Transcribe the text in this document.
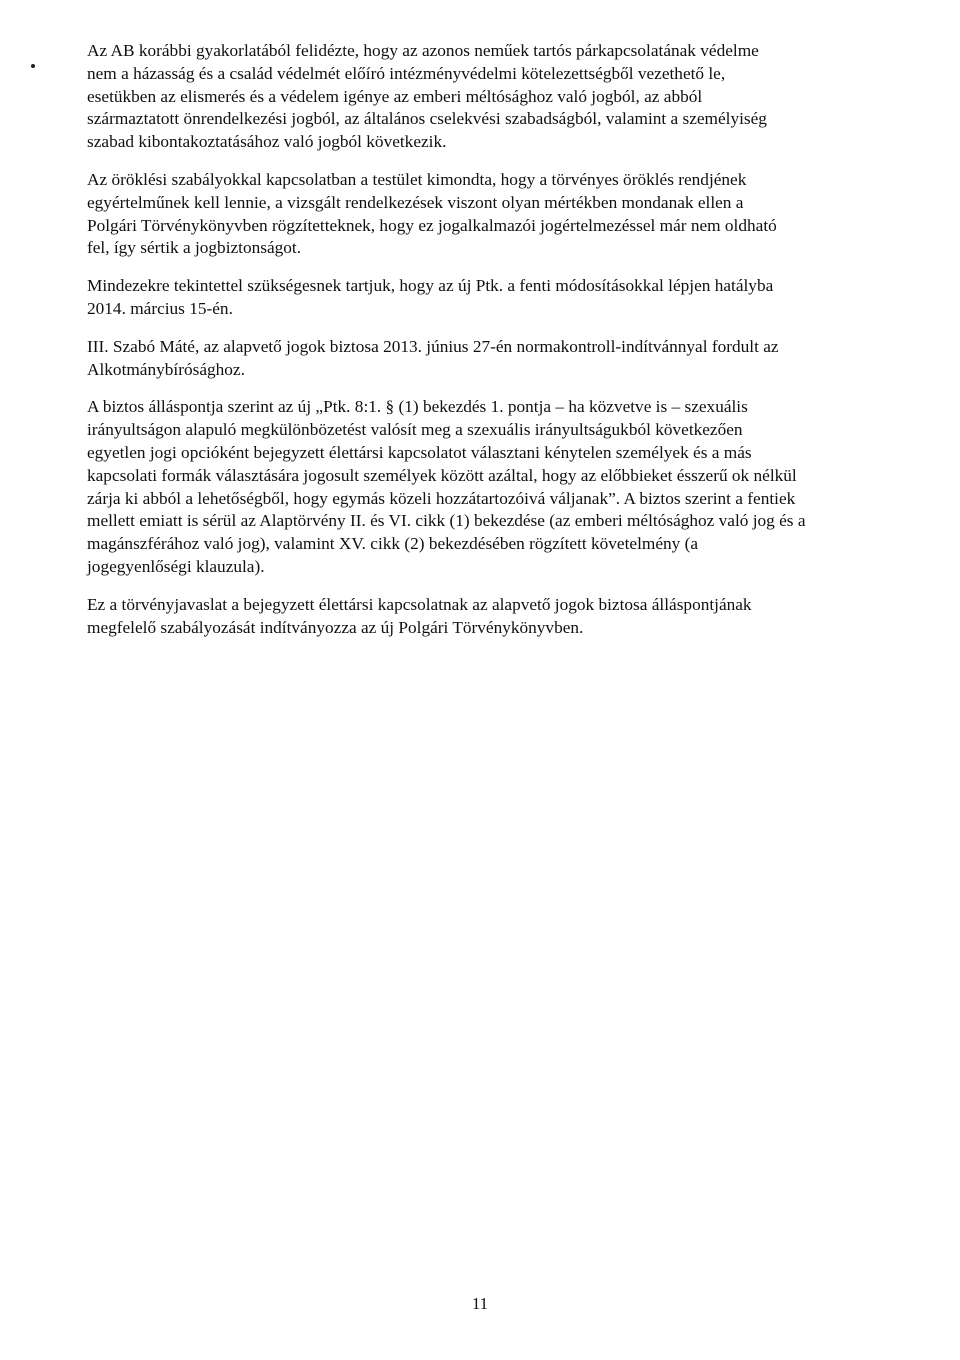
Az AB korábbi gyakorlatából felidézte, hogy az azonos neműek tartós párkapcsolatának védelme
nem a házasság és a család védelmét előíró intézményvédelmi kötelezettségből vezethető le,
esetükben az elismerés és a védelem igénye az emberi méltósághoz való jogból, az abból
származtatott önrendelkezési jogból, az általános cselekvési szabadságból, valamint a személyiség
szabad kibontakoztatásához való jogból következik.

Az öröklési szabályokkal kapcsolatban a testület kimondta, hogy a törvényes öröklés rendjének
egyértelműnek kell lennie, a vizsgált rendelkezések viszont olyan mértékben mondanak ellen a
Polgári Törvénykönyvben rögzítetteknek, hogy ez jogalkalmazói jogértelmezéssel már nem oldható
fel, így sértik a jogbiztonságot.

Mindezekre tekintettel szükségesnek tartjuk, hogy az új Ptk. a fenti módosításokkal lépjen hatályba
2014. március 15-én.

III. Szabó Máté, az alapvető jogok biztosa 2013. június 27-én normakontroll-indítvánnyal fordult az
Alkotmánybírósághoz.

A biztos álláspontja szerint az új „Ptk. 8:1. § (1) bekezdés 1. pontja – ha közvetve is – szexuális
irányultságon alapuló megkülönbözetést valósít meg a szexuális irányultságukból következően
egyetlen jogi opcióként bejegyzett élettársi kapcsolatot választani kénytelen személyek és a más
kapcsolati formák választására jogosult személyek között azáltal, hogy az előbbieket ésszerű ok nélkül
zárja ki abból a lehetőségből, hogy egymás közeli hozzátartozóivá váljanak”. A biztos szerint a fentiek
mellett emiatt is sérül az Alaptörvény II. és VI. cikk (1) bekezdése (az emberi méltósághoz való jog és a
magánszférához való jog), valamint XV. cikk (2) bekezdésében rögzített követelmény (a
jogegyenlőségi klauzula).

Ez a törvényjavaslat a bejegyzett élettársi kapcsolatnak az alapvető jogok biztosa álláspontjának
megfelelő szabályozását indítványozza az új Polgári Törvénykönyvben.

11
